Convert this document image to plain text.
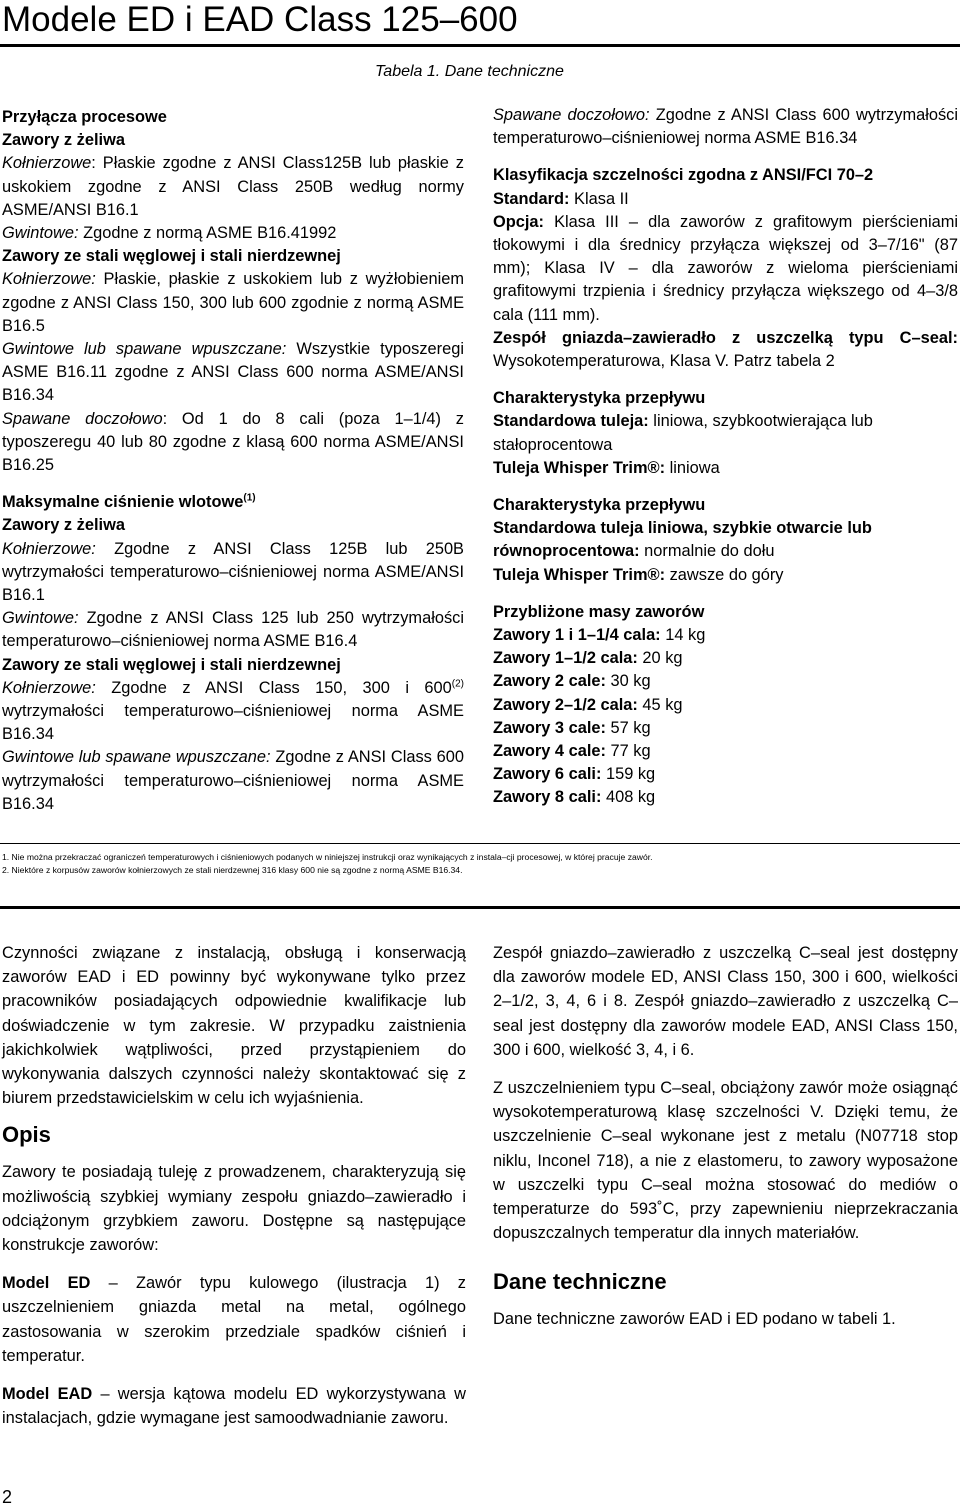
Modele ED i EAD Class 125–600
Tabela 1. Dane techniczne

Przyłącza procesowe

Zawory z żeliwa

Kołnierzowe: Płaskie zgodne z ANSI Class125B lub płaskie z uskokiem zgodne z ANSI Class 250B według normy ASME/ANSI B16.1

Gwintowe: Zgodne z normą ASME B16.41992

Zawory ze stali węglowej i stali nierdzewnej

Kołnierzowe: Płaskie, płaskie z uskokiem lub z wyżłobieniem zgodne z ANSI Class 150, 300 lub 600 zgodnie z normą ASME B16.5

Gwintowe lub spawane wpuszczane: Wszystkie typoszeregi ASME B16.11 zgodne z ANSI Class 600 norma ASME/ANSI B16.34

Spawane doczołowo: Od 1 do 8 cali (poza 1–1/4) z typoszeregu 40 lub 80 zgodne z klasą 600 norma ASME/ANSI B16.25

Maksymalne ciśnienie wlotowe$^{(1)}$

Zawory z żeliwa

Kołnierzowe: Zgodne z ANSI Class 125B lub 250B wytrzymałości temperaturowo–ciśnieniowej norma ASME/ANSI B16.1

Gwintowe: Zgodne z ANSI Class 125 lub 250 wytrzymałości temperaturowo–ciśnieniowej norma ASME B16.4

Zawory ze stali węglowej i stali nierdzewnej

Kołnierzowe: Zgodne z ANSI Class 150, 300 i 600$^{(2)}$ wytrzymałości temperaturowo–ciśnieniowej norma ASME B16.34

Gwintowe lub spawane wpuszczane: Zgodne z ANSI Class 600 wytrzymałości temperaturowo–ciśnieniowej norma ASME B16.34

Spawane doczołowo: Zgodne z ANSI Class 600 wytrzymałości temperaturowo–ciśnieniowej norma ASME B16.34

Klasyfikacja szczelności zgodna z ANSI/FCI 70–2

Standard: Klasa II

Opcja: Klasa III – dla zaworów z grafitowym pierścieniami tłokowymi i dla średnicy przyłącza większej od 3–7/16" (87 mm); Klasa IV – dla zaworów z wieloma pierścieniami grafitowymi trzpienia i średnicy przyłącza większego od 4–3/8 cala (111 mm).

Zespół gniazda–zawieradło z uszczelką typu C–seal: Wysokotemperaturowa, Klasa V. Patrz tabela 2

Charakterystyka przepływu

Standardowa tuleja: liniowa, szybkootwierająca lub stałoprocentowa

Tuleja Whisper Trim®: liniowa

Charakterystyka przepływu

Standardowa tuleja liniowa, szybkie otwarcie lub równoprocentowa: normalnie do dołu

Tuleja Whisper Trim®: zawsze do góry

Przybliżone masy zaworów

Zawory 1 i 1–1/4 cala: 14 kg

Zawory 1–1/2 cala: 20 kg

Zawory 2 cale: 30 kg

Zawory 2–1/2 cala: 45 kg

Zawory 3 cale: 57 kg

Zawory 4 cale: 77 kg

Zawory 6 cali: 159 kg

Zawory 8 cali: 408 kg

1. Nie można przekraczać ograniczeń temperaturowych i ciśnieniowych podanych w niniejszej instrukcji oraz wynikających z instala–cji procesowej, w której pracuje zawór.

2. Niektóre z korpusów zaworów kołnierzowych ze stali nierdzewnej 316 klasy 600 nie są zgodne z normą ASME B16.34.

Czynności związane z instalacją, obsługą i konserwacją zaworów EAD i ED powinny być wykonywane tylko przez pracowników posiadających odpowiednie kwalifikacje lub doświadczenie w tym zakresie. W przypadku zaistnienia jakichkolwiek wątpliwości, przed przystąpieniem do wykonywania dalszych czynności należy skontaktować się z biurem przedstawicielskim w celu ich wyjaśnienia.

Opis

Zawory te posiadają tuleję z prowadzenem, charakteryzują się możliwością szybkiej wymiany zespołu gniazdo–zawieradło i odciążonym grzybkiem zaworu. Dostępne są następujące konstrukcje zaworów:

Model ED – Zawór typu kulowego (ilustracja 1) z uszczelnieniem gniazda metal na metal, ogólnego zastosowania w szerokim przedziale spadków ciśnień i temperatur.

Model EAD – wersja kątowa modelu ED wykorzystywana w instalacjach, gdzie wymagane jest samoodwadnianie zaworu.

Zespół gniazdo–zawieradło z uszczelką C–seal jest dostępny dla zaworów modele ED, ANSI Class 150, 300 i 600, wielkości 2–1/2, 3, 4, 6 i 8. Zespół gniazdo–zawieradło z uszczelką C–seal jest dostępny dla zaworów modele EAD, ANSI Class 150, 300 i 600, wielkość 3, 4, i 6.

Z uszczelnieniem typu C–seal, obciążony zawór może osiągnąć wysokotemperaturową klasę szczelności V. Dzięki temu, że uszczelnienie C–seal wykonane jest z metalu (N07718 stop niklu, Inconel 718), a nie z elastomeru, to zawory wyposażone w uszczelki typu C–seal można stosować do mediów o temperaturze do 593˚C, przy zapewnieniu nieprzekraczania dopuszczalnych temperatur dla innych materiałów.

Dane techniczne

Dane techniczne zaworów EAD i ED podano w tabeli 1.

2
